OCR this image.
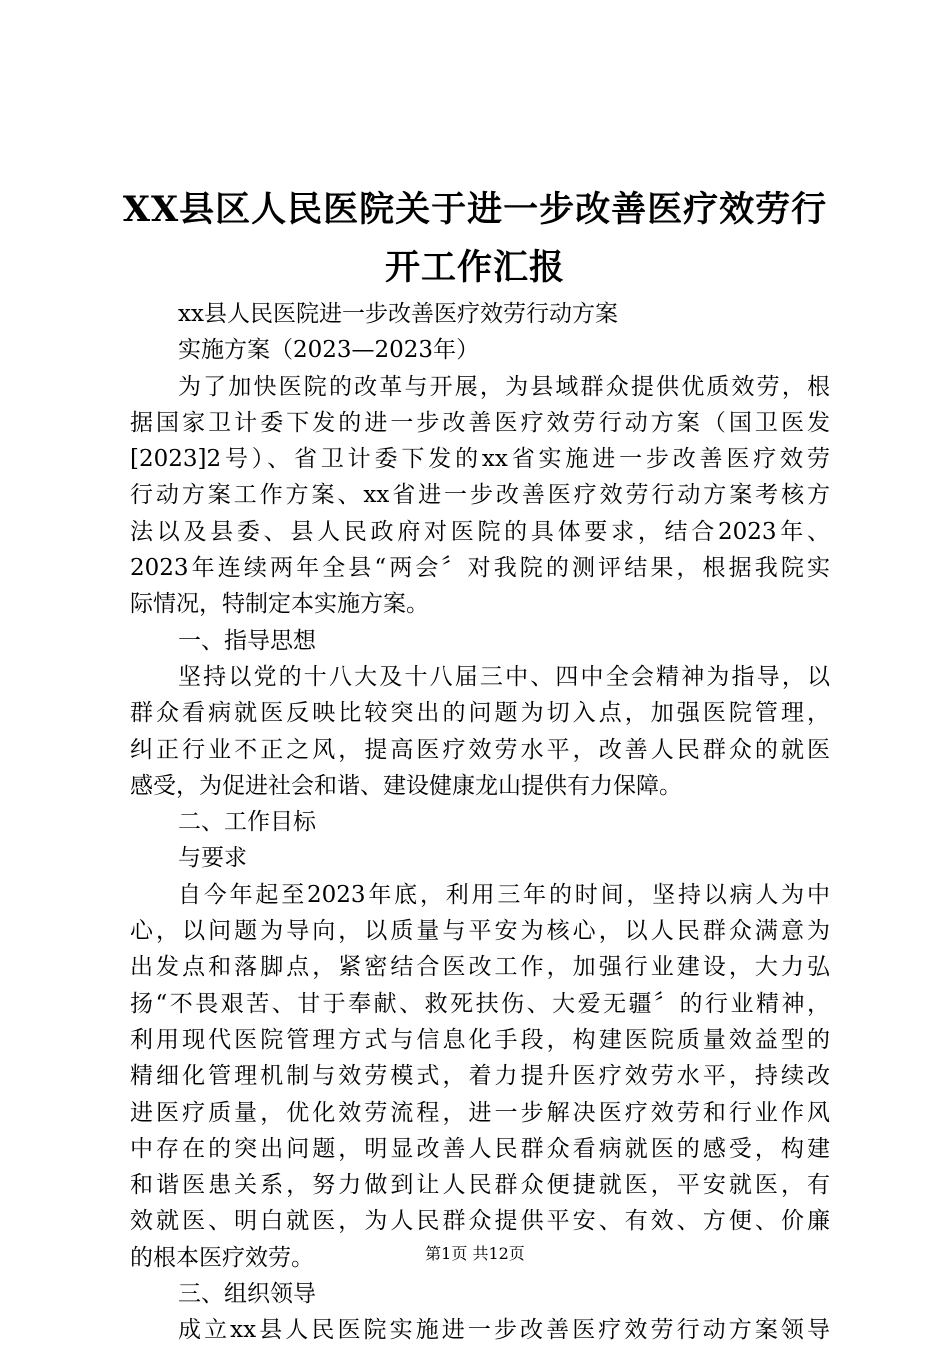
XX县区人民医院关于进一步改善医疗效劳行
开工作汇报
xx县人民医院进一步改善医疗效劳行动方案
实施方案（2023—2023年）
为了加快医院的改革与开展，为县域群众提供优质效劳，根
据国家卫计委下发的进一步改善医疗效劳行动方案（国卫医发
[2023]2号）、省卫计委下发的xx省实施进一步改善医疗效劳
行动方案工作方案、xx省进一步改善医疗效劳行动方案考核方
法以及县委、县人民政府对医院的具体要求，结合2023年、
2023年连续两年全县“两会〞对我院的测评结果，根据我院实
际情况，特制定本实施方案。
一、指导思想
坚持以党的十八大及十八届三中、四中全会精神为指导，以
群众看病就医反映比较突出的问题为切入点，加强医院管理，
纠正行业不正之风，提高医疗效劳水平，改善人民群众的就医
感受，为促进社会和谐、建设健康龙山提供有力保障。
二、工作目标
与要求
自今年起至2023年底，利用三年的时间，坚持以病人为中
心，以问题为导向，以质量与平安为核心，以人民群众满意为
出发点和落脚点，紧密结合医改工作，加强行业建设，大力弘
扬“不畏艰苦、甘于奉献、救死扶伤、大爱无疆〞的行业精神，
利用现代医院管理方式与信息化手段，构建医院质量效益型的
精细化管理机制与效劳模式，着力提升医疗效劳水平，持续改
进医疗质量，优化效劳流程，进一步解决医疗效劳和行业作风
中存在的突出问题，明显改善人民群众看病就医的感受，构建
和谐医患关系，努力做到让人民群众便捷就医，平安就医，有
效就医、明白就医，为人民群众提供平安、有效、方便、价廉
的根本医疗效劳。
三、组织领导
成立xx县人民医院实施进一步改善医疗效劳行动方案领导
第1页 共12页
